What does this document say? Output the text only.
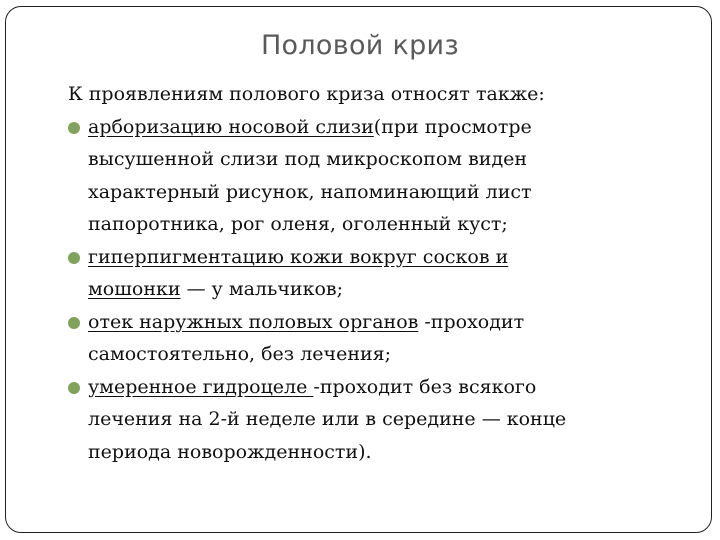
Половой криз

К проявлениям полового криза относят также:

арборизацию носовой слизи(при просмотре
высушенной слизи под микроскопом виден
характерный рисунок, напоминающий лист
папоротника, рог оленя, оголенный куст;
гиперпигментацию кожи вокруг сосков и
мошонки — у мальчиков;
отек наружных половых органов -проходит
самостоятельно, без лечения;
умеренное гидроцеле -проходит без всякого
лечения на 2-й неделе или в середине — конце
периода новорожденности).
